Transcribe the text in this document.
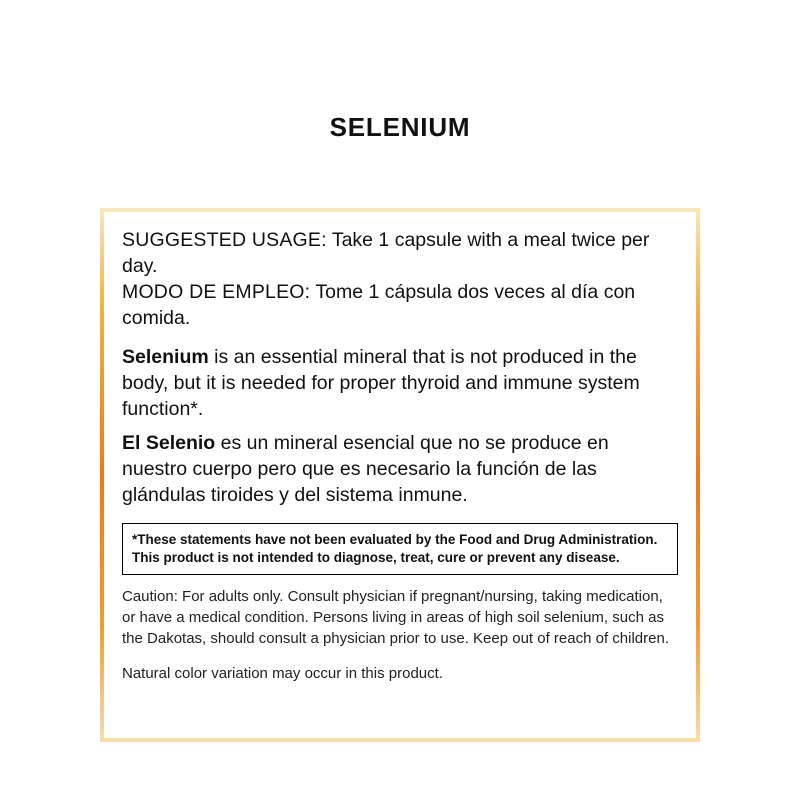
SELENIUM

SUGGESTED USAGE: Take 1 capsule with a meal twice per day.

MODO DE EMPLEO: Tome 1 cápsula dos veces al día con comida.

Selenium is an essential mineral that is not produced in the body, but it is needed for proper thyroid and immune system function*.

El Selenio es un mineral esencial que no se produce en nuestro cuerpo pero que es necesario la función de las glándulas tiroides y del sistema inmune.

*These statements have not been evaluated by the Food and Drug Administration. This product is not intended to diagnose, treat, cure or prevent any disease.

Caution: For adults only. Consult physician if pregnant/nursing, taking medication, or have a medical condition. Persons living in areas of high soil selenium, such as the Dakotas, should consult a physician prior to use. Keep out of reach of children.

Natural color variation may occur in this product.
